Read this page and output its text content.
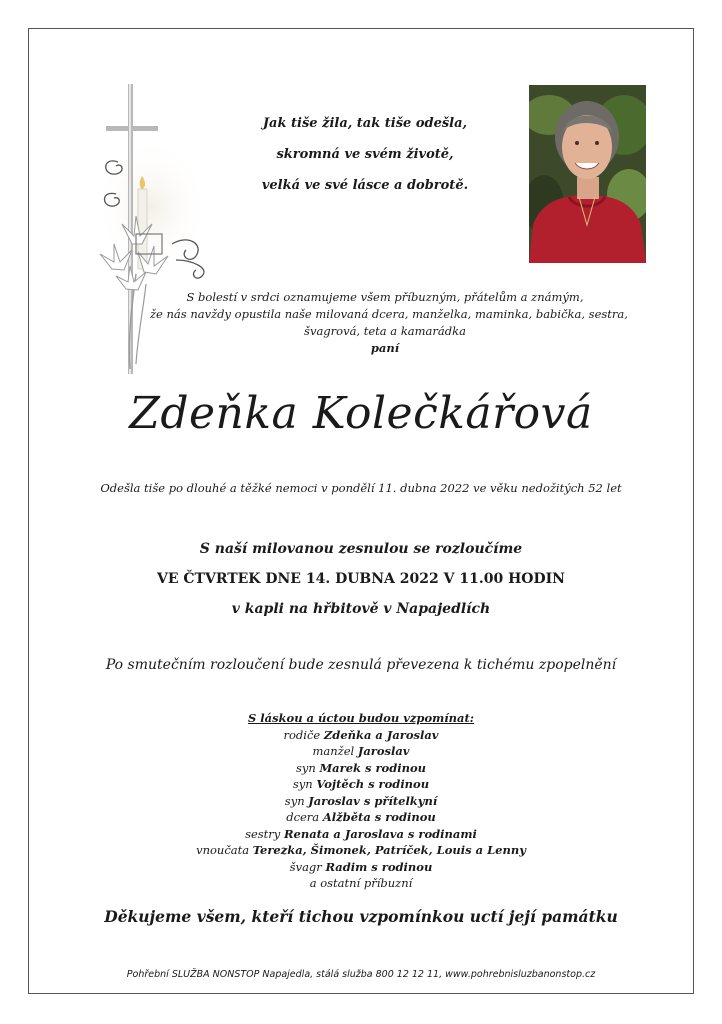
Jak tiše žila, tak tiše odešla,
skromná ve svém životě,
velká ve své lásce a dobrotě.
S bolestí v srdci oznamujeme všem příbuzným, přátelům a známým,
že nás navždy opustila naše milovaná dcera, manželka, maminka, babička, sestra,
švagrová, teta a kamarádka
paní
Zdeňka Kolečkářová
Odešla tiše po dlouhé a těžké nemoci v pondělí 11. dubna 2022 ve věku nedožitých 52 let
S naší milovanou zesnulou se rozloučíme
VE ČTVRTEK DNE 14. DUBNA 2022 V 11.00 HODIN
v kapli na hřbitově v Napajedlích
Po smutečním rozloučení bude zesnulá převezena k tichému zpopelnění
S láskou a úctou budou vzpomínat:
rodiče Zdeňka a Jaroslav
manžel Jaroslav
syn Marek s rodinou
syn Vojtěch s rodinou
syn Jaroslav s přítelkyní
dcera Alžběta s rodinou
sestry Renata a Jaroslava s rodinami
vnoučata Terezka, Šimonek, Patríček, Louis a Lenny
švagr Radim s rodinou
a ostatní příbuzní
Děkujeme všem, kteří tichou vzpomínkou uctí její památku
Pohřební SLUŽBA NONSTOP Napajedla, stálá služba 800 12 12 11, www.pohrebnisluzbanonstop.cz
